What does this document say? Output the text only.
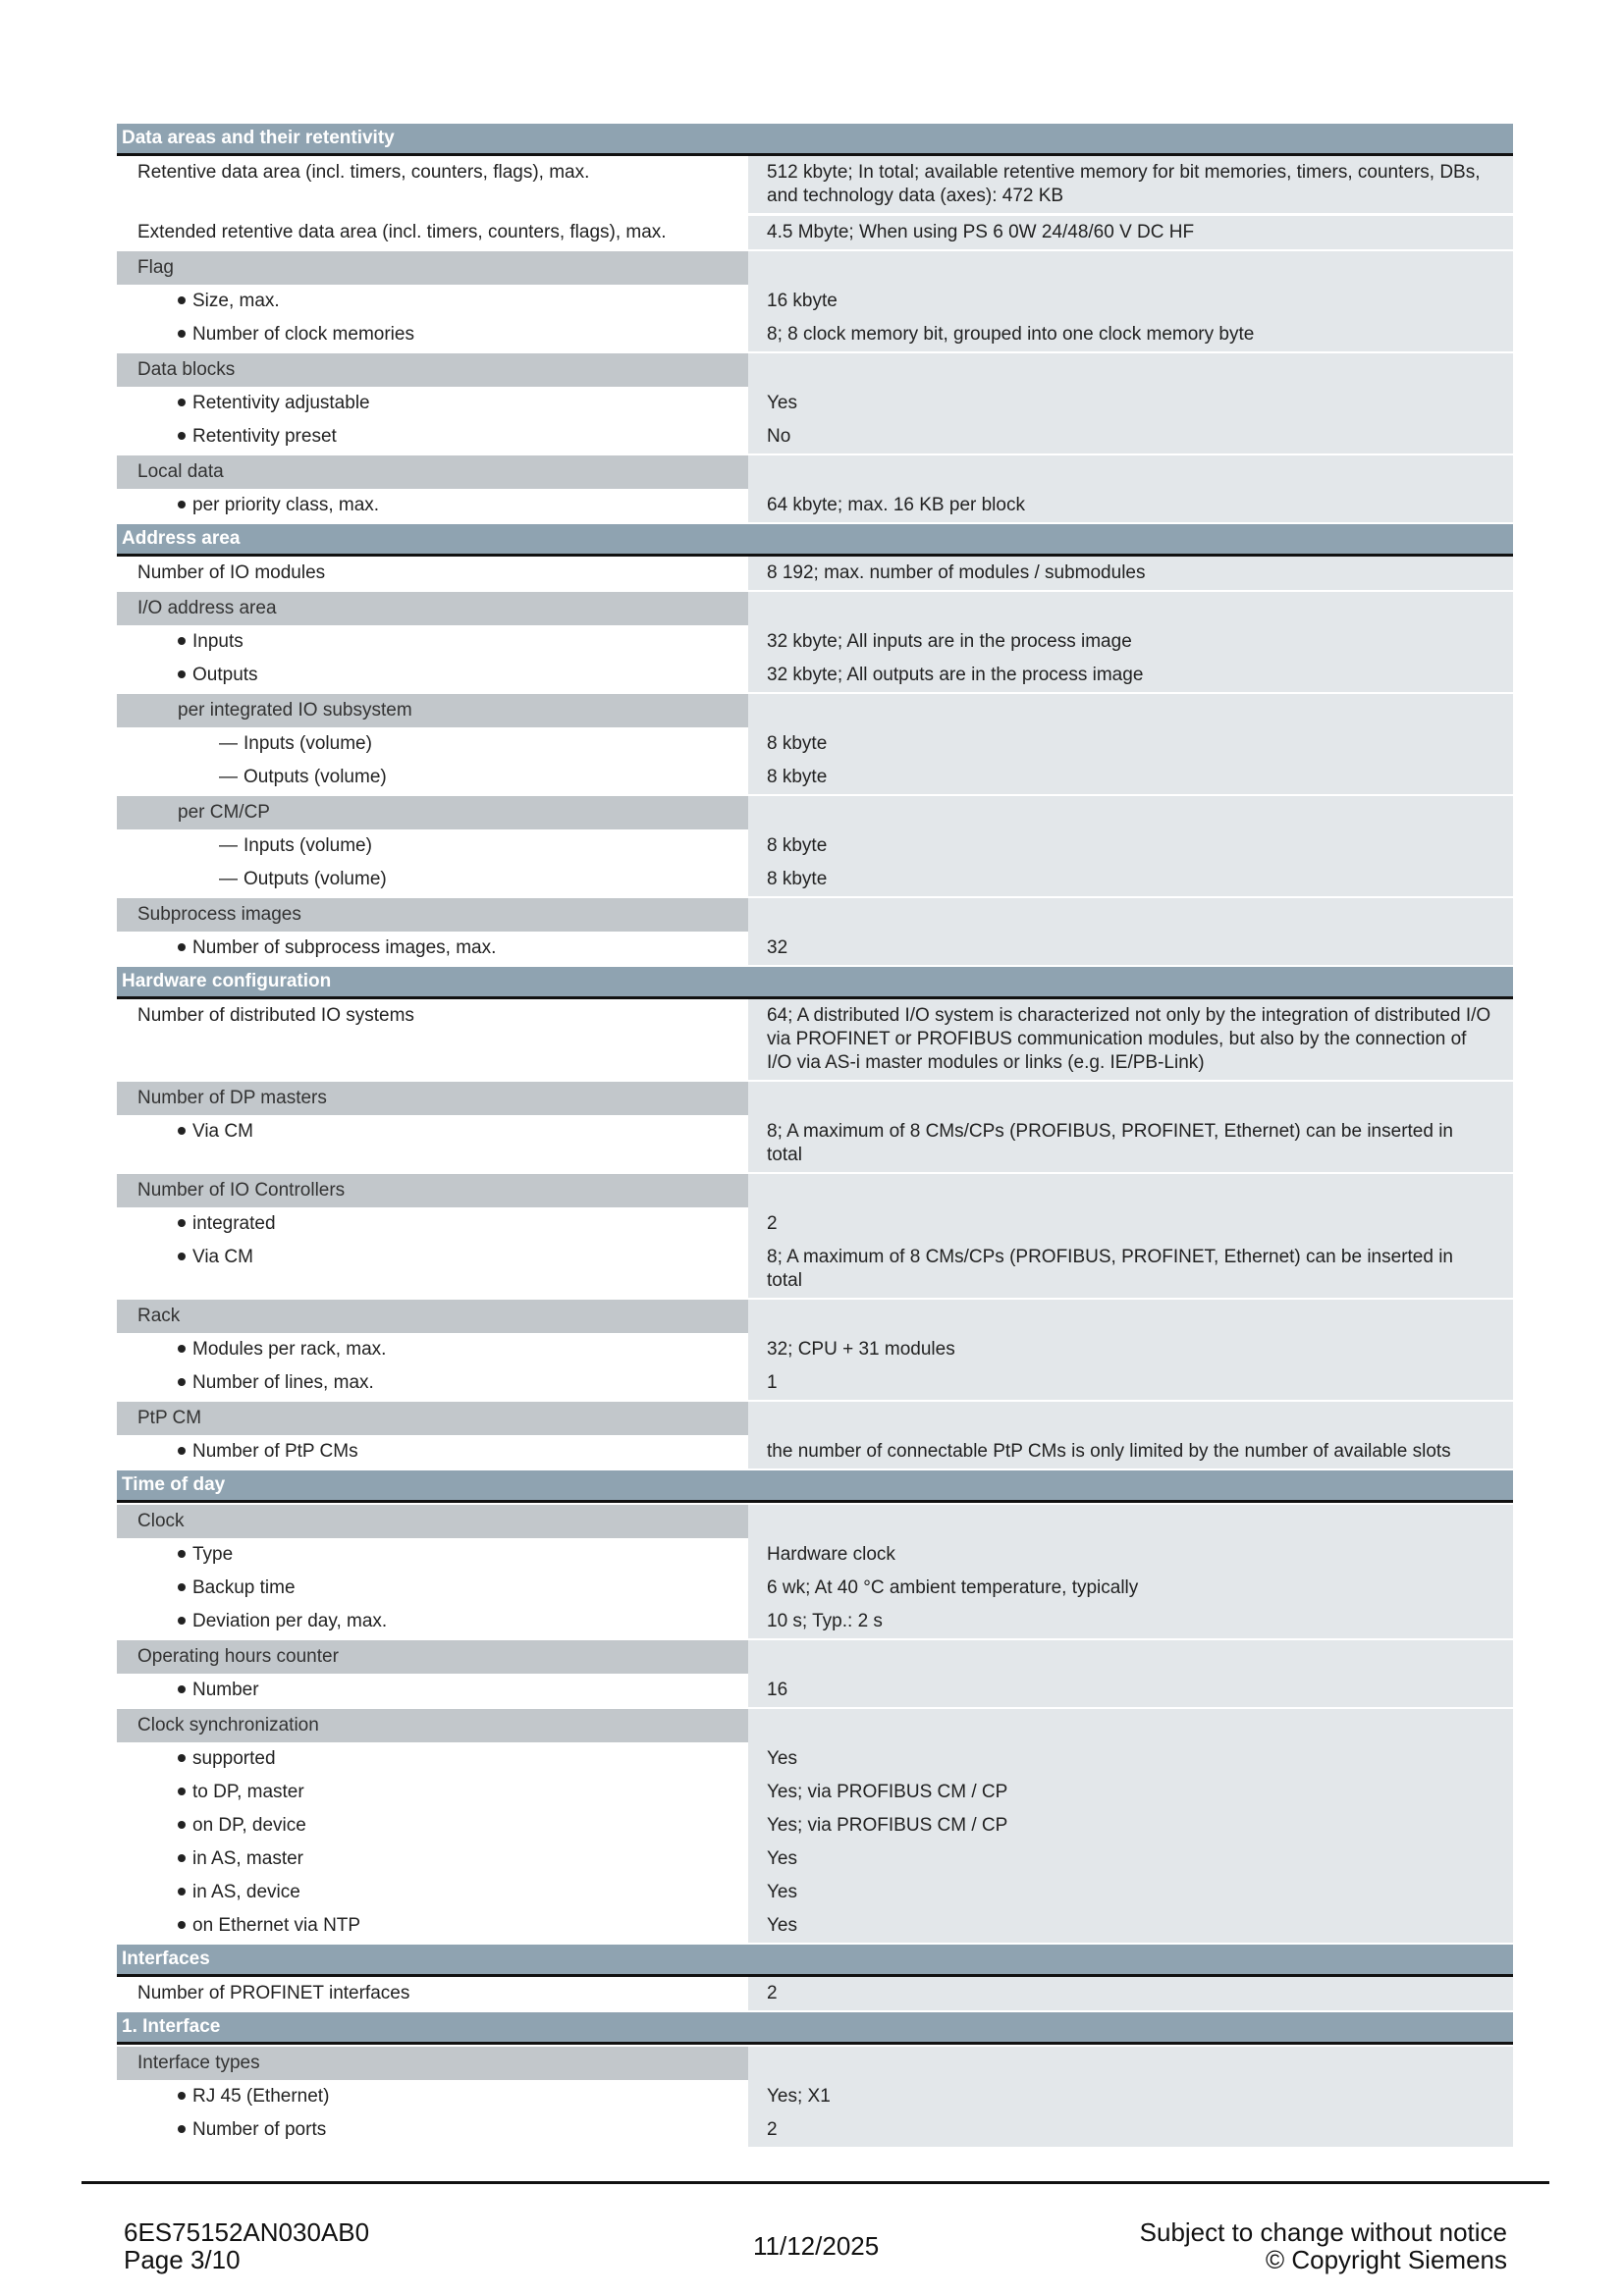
Data areas and their retentivity
Retentive data area (incl. timers, counters, flags), max.	512 kbyte; In total; available retentive memory for bit memories, timers, counters, DBs, and technology data (axes): 472 KB
Extended retentive data area (incl. timers, counters, flags), max.	4.5 Mbyte; When using PS 6 0W 24/48/60 V DC HF
Flag
Size, max.	16 kbyte
Number of clock memories	8; 8 clock memory bit, grouped into one clock memory byte
Data blocks
Retentivity adjustable	Yes
Retentivity preset	No
Local data
per priority class, max.	64 kbyte; max. 16 KB per block
Address area
Number of IO modules	8 192; max. number of modules / submodules
I/O address area
Inputs	32 kbyte; All inputs are in the process image
Outputs	32 kbyte; All outputs are in the process image
per integrated IO subsystem
— Inputs (volume)	8 kbyte
— Outputs (volume)	8 kbyte
per CM/CP
— Inputs (volume)	8 kbyte
— Outputs (volume)	8 kbyte
Subprocess images
Number of subprocess images, max.	32
Hardware configuration
Number of distributed IO systems	64; A distributed I/O system is characterized not only by the integration of distributed I/O via PROFINET or PROFIBUS communication modules, but also by the connection of I/O via AS-i master modules or links (e.g. IE/PB-Link)
Number of DP masters
Via CM	8; A maximum of 8 CMs/CPs (PROFIBUS, PROFINET, Ethernet) can be inserted in total
Number of IO Controllers
integrated	2
Via CM	8; A maximum of 8 CMs/CPs (PROFIBUS, PROFINET, Ethernet) can be inserted in total
Rack
Modules per rack, max.	32; CPU + 31 modules
Number of lines, max.	1
PtP CM
Number of PtP CMs	the number of connectable PtP CMs is only limited by the number of available slots
Time of day
Clock
Type	Hardware clock
Backup time	6 wk; At 40 °C ambient temperature, typically
Deviation per day, max.	10 s; Typ.: 2 s
Operating hours counter
Number	16
Clock synchronization
supported	Yes
to DP, master	Yes; via PROFIBUS CM / CP
on DP, device	Yes; via PROFIBUS CM / CP
in AS, master	Yes
in AS, device	Yes
on Ethernet via NTP	Yes
Interfaces
Number of PROFINET interfaces	2
1. Interface
Interface types
RJ 45 (Ethernet)	Yes; X1
Number of ports	2
6ES75152AN030AB0
Page 3/10	11/12/2025	Subject to change without notice
© Copyright Siemens
